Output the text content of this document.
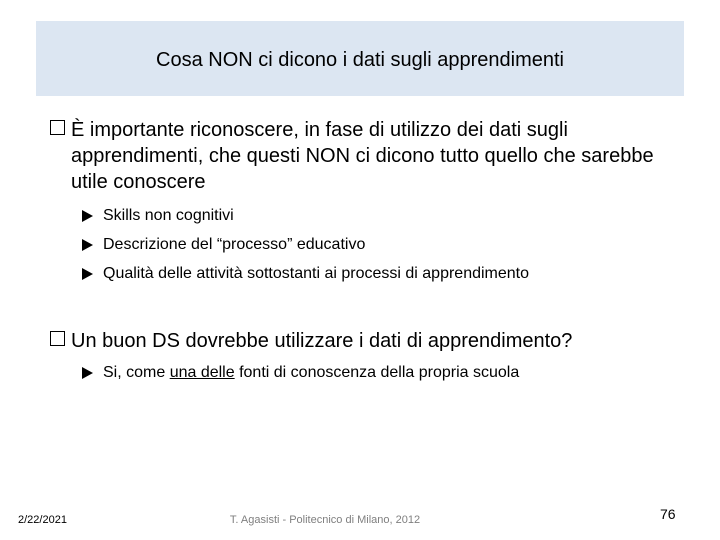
Cosa NON ci dicono i dati sugli apprendimenti
È importante riconoscere, in fase di utilizzo dei dati sugli apprendimenti, che questi NON ci dicono tutto quello che sarebbe utile conoscere
Skills non cognitivi
Descrizione del “processo” educativo
Qualità delle attività sottostanti ai processi di apprendimento
Un buon DS dovrebbe utilizzare i dati di apprendimento?
Si, come una delle fonti di conoscenza della propria scuola
2/22/2021	T. Agasisti - Politecnico di Milano, 2012	76
